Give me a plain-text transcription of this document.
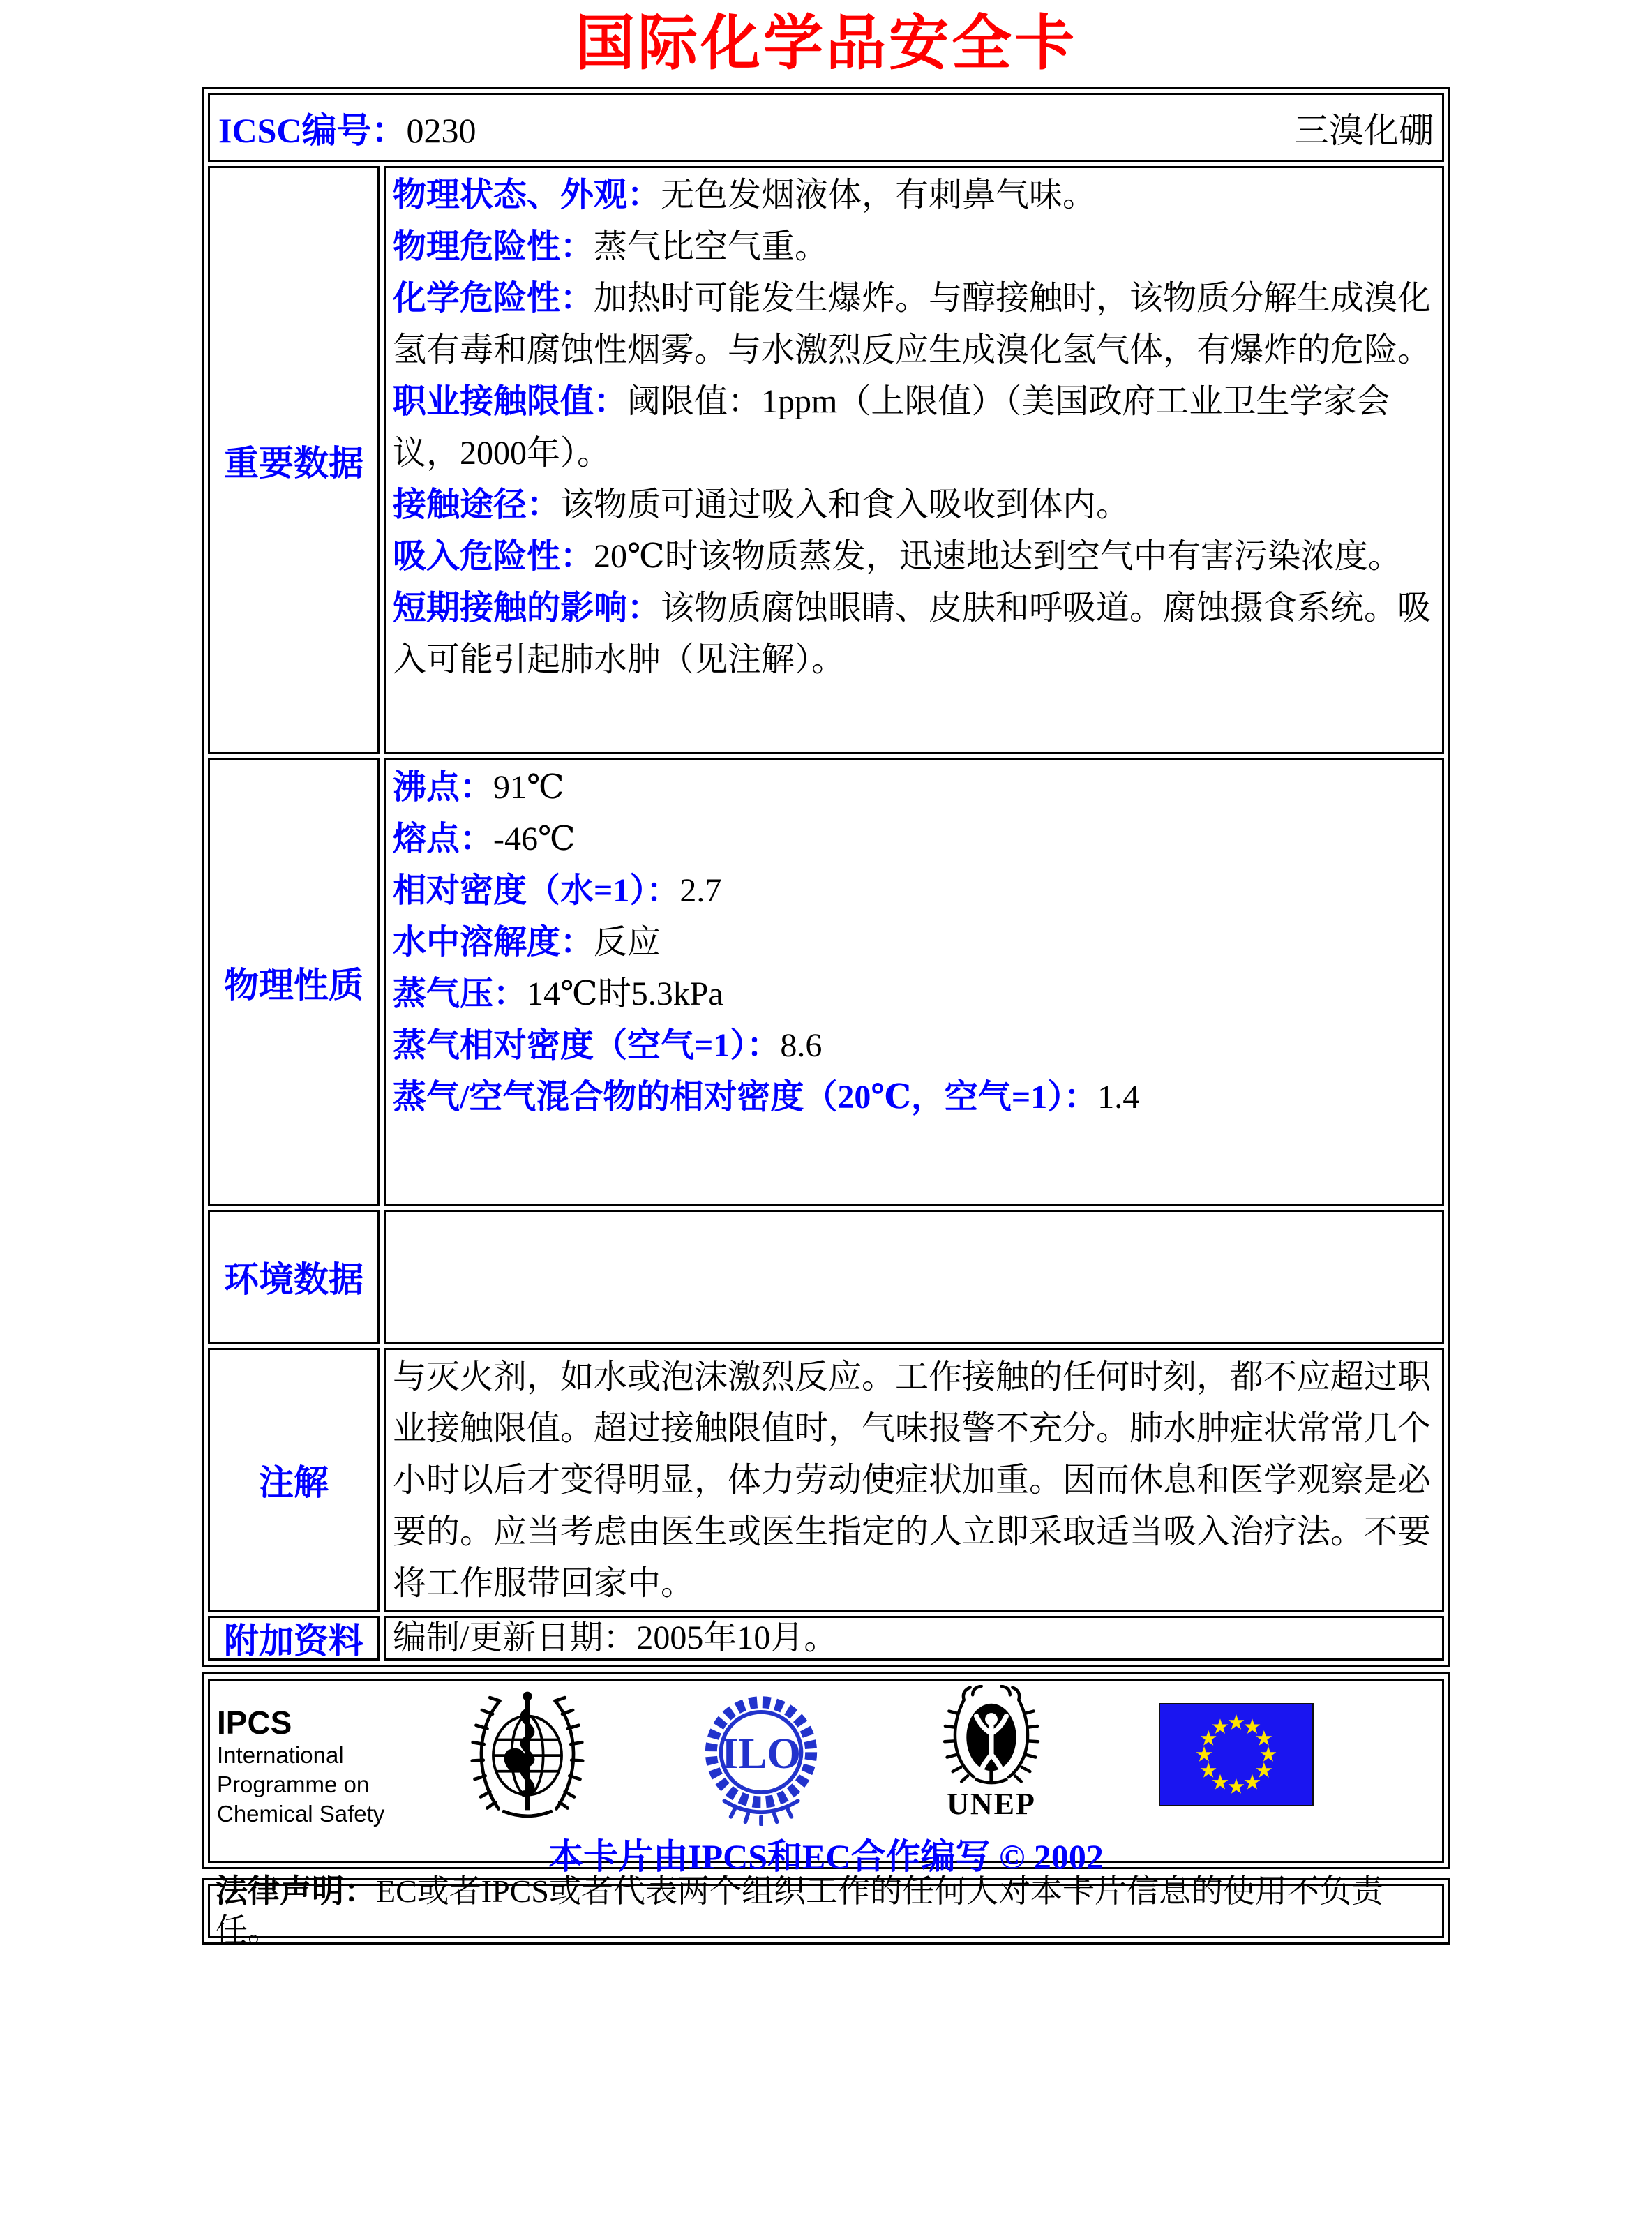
国际化学品安全卡
ICSC编号：0230	三溴化硼
重要数据

物理状态、外观：无色发烟液体，有刺鼻气味。

物理危险性：蒸气比空气重。

化学危险性：加热时可能发生爆炸。与醇接触时，该物质分解生成溴化氢有毒和腐蚀性烟雾。与水激烈反应生成溴化氢气体，有爆炸的危险。

职业接触限值：阈限值：1ppm（上限值）（美国政府工业卫生学家会议，2000年）。

接触途径：该物质可通过吸入和食入吸收到体内。

吸入危险性：20℃时该物质蒸发，迅速地达到空气中有害污染浓度。

短期接触的影响：该物质腐蚀眼睛、皮肤和呼吸道。腐蚀摄食系统。吸入可能引起肺水肿（见注解）。

物理性质

沸点：91℃

熔点：-46℃

相对密度（水=1）：2.7

水中溶解度：反应

蒸气压：14℃时5.3kPa

蒸气相对密度（空气=1）：8.6

蒸气/空气混合物的相对密度（20℃，空气=1）：1.4

环境数据
注解

与灭火剂，如水或泡沫激烈反应。工作接触的任何时刻，都不应超过职业接触限值。超过接触限值时，气味报警不充分。肺水肿症状常常几个小时以后才变得明显，体力劳动使症状加重。因而休息和医学观察是必要的。应当考虑由医生或医生指定的人立即采取适当吸入治疗法。不要将工作服带回家中。

附加资料 编制/更新日期：2005年10月。

IPCS
International
Programme on
Chemical Safety
ILO
UNEP
本卡片由IPCS和EC合作编写 © 2002

法律声明：EC或者IPCS或者代表两个组织工作的任何人对本卡片信息的使用不负责任。
